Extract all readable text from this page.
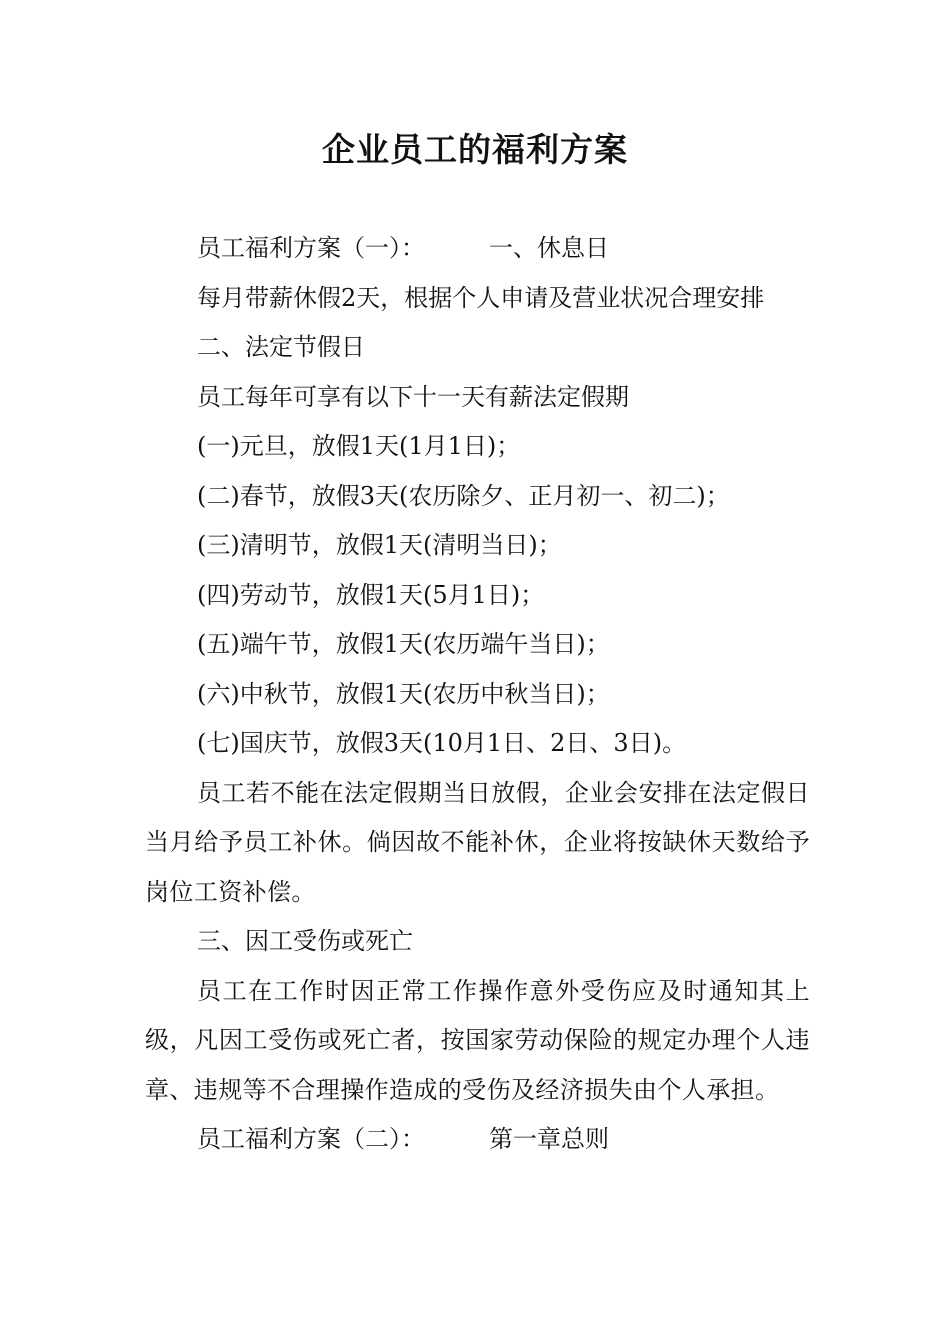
企业员工的福利方案
员工福利方案（一）：	一、休息日
每月带薪休假2天，根据个人申请及营业状况合理安排
二、法定节假日
员工每年可享有以下十一天有薪法定假期
(一)元旦，放假1天(1月1日)；
(二)春节，放假3天(农历除夕、正月初一、初二)；
(三)清明节，放假1天(清明当日)；
(四)劳动节，放假1天(5月1日)；
(五)端午节，放假1天(农历端午当日)；
(六)中秋节，放假1天(农历中秋当日)；
(七)国庆节，放假3天(10月1日、2日、3日)。
员工若不能在法定假期当日放假，企业会安排在法定假日当月给予员工补休。倘因故不能补休，企业将按缺休天数给予岗位工资补偿。
三、因工受伤或死亡
员工在工作时因正常工作操作意外受伤应及时通知其上级，凡因工受伤或死亡者，按国家劳动保险的规定办理个人违章、违规等不合理操作造成的受伤及经济损失由个人承担。
员工福利方案（二）：	第一章总则
